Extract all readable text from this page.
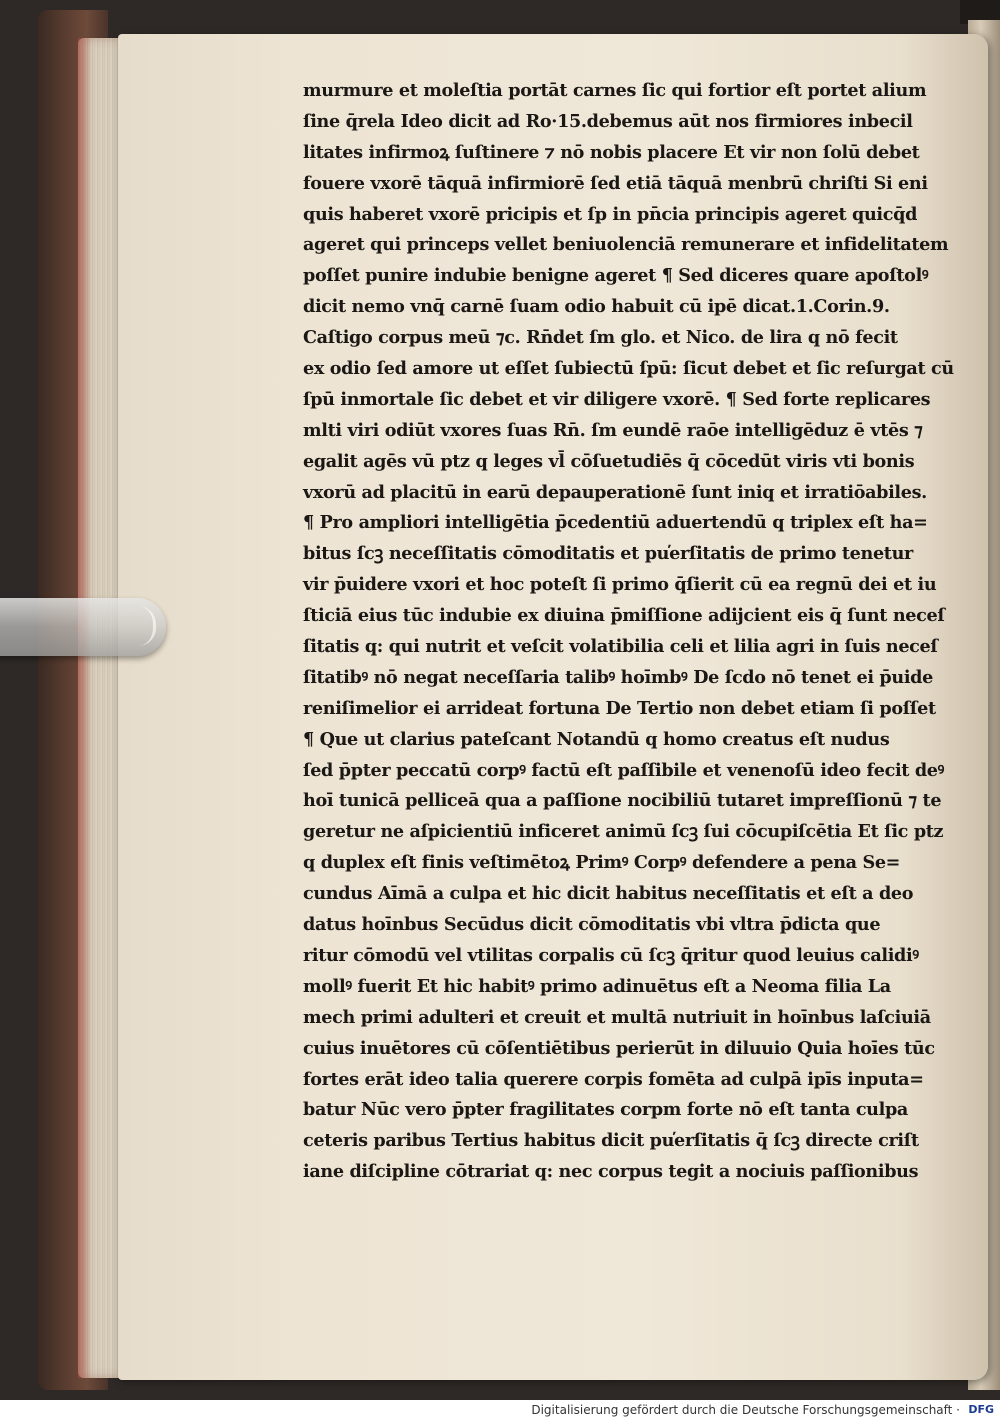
murmure et moleſtia portāt carnes ſic qui fortior eſt portet alium
ſine q̄rela Ideo dicit ad Ro·15.debemus aūt nos firmiores inbecil
litates infirmoꝝ ſuſtinere ⁊ nō nobis placere Et vir non ſolū debet
fouere vxorē tāquā infirmiorē ſed etiā tāquā menbrū chriſti Si eni
quis haberet vxorē pricipis et ſp in pn̄cia principis ageret quicq̄d
ageret qui princeps vellet beniuolenciā remunerare et infidelitatem
poſſet punire indubie benigne ageret ¶ Sed diceres quare apoſtolꝰ
dicit nemo vnq̄ carnē ſuam odio habuit cū ipē dicat.1.Corin.9.
Caſtigo corpus meū ⁊c. Rn̄det ſm glo. et Nico. de lira q nō fecit
ex odio ſed amore ut eſſet ſubiectū ſpū: ſicut debet et ſic reſurgat cū
ſpū inmortale ſic debet et vir diligere vxorē. ¶ Sed forte replicares
mlti viri odiūt vxores ſuas Rn̄. ſm eundē raōe intelligēduz ē vtēs ⁊
egalit agēs vū ptz q leges vl̄ cōſuetudiēs q̄ cōcedūt viris vti bonis
vxorū ad placitū in earū depauperationē ſunt iniq et irratiōabiles.
¶ Pro ampliori intelligētia p̄cedentiū aduertendū q triplex eſt ha=
bitus ſcꝫ neceſſitatis cōmoditatis et pu̕erſitatis de primo tenetur
vir p̄uidere vxori et hoc poteſt ſi primo q̄ſierit cū ea regnū dei et iu
ſticiā eius tūc indubie ex diuina p̄miſſione adijcient eis q̄ ſunt neceſ
ſitatis q: qui nutrit et veſcit volatibilia celi et lilia agri in ſuis neceſ
ſitatibꝰ nō negat neceſſaria talibꝰ hoīmbꝰ De ſcdo nō tenet ei p̄uide
reniſimelior ei arrideat fortuna De Tertio non debet etiam ſi poſſet
¶ Que ut clarius pateſcant Notandū q homo creatus eſt nudus
ſed p̄pter peccatū corpꝰ factū eſt paſſibile et venenoſū ideo fecit deꝰ
hoī tunicā pelliceā qua a paſſione nocibiliū tutaret impreſſionū ⁊ te
geretur ne aſpicientiū inficeret animū ſcꝫ ſui cōcupiſcētia Et ſic ptz
q duplex eſt finis veſtimētoꝝ Primꝰ Corpꝰ defendere a pena Se=
cundus Aīmā a culpa et hic dicit habitus neceſſitatis et eſt a deo
datus hoīnbus Secūdus dicit cōmoditatis vbi vltra p̄dicta que
ritur cōmodū vel vtilitas corpalis cū ſcꝫ q̄ritur quod leuius calidiꝰ
mollꝰ fuerit Et hic habitꝰ primo adinuētus eſt a Neoma filia La
mech primi adulteri et creuit et multā nutriuit in hoīnbus laſciuiā
cuius inuētores cū cōſentiētibus perierūt in diluuio Quia hoīes tūc
fortes erāt ideo talia querere corpis fomēta ad culpā ipīs inputa=
batur Nūc vero p̄pter fragilitates corpm forte nō eſt tanta culpa
ceteris paribus Tertius habitus dicit pu̕erſitatis q̄ ſcꝫ directe criſt
iane diſcipline cōtrariat q: nec corpus tegit a nociuis paſſionibus
Digitalisierung gefördert durch die Deutsche Forschungsgemeinschaft · DFG
